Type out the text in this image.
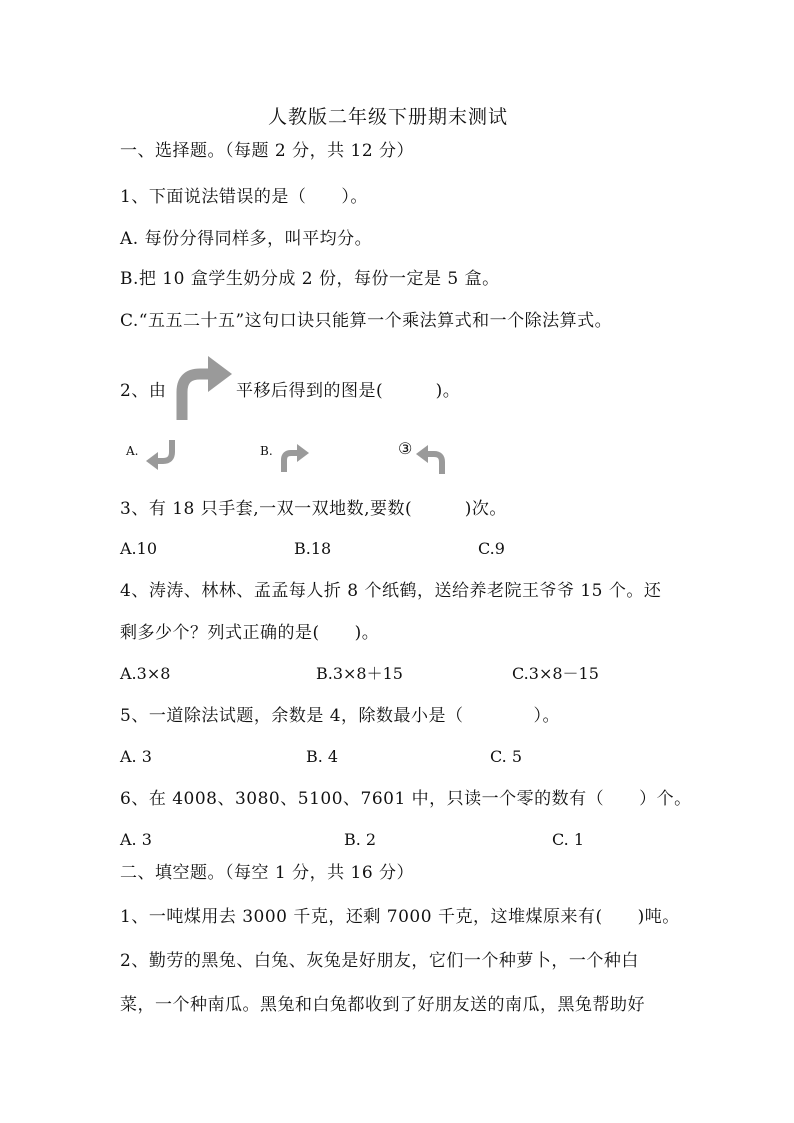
人教版二年级下册期末测试
一、选择题。（每题 2 分，共 12 分）
1、下面说法错误的是（　　）。
A. 每份分得同样多，叫平均分。
B.把 10 盒学生奶分成 2 份，每份一定是 5 盒。
C.“五五二十五”这句口诀只能算一个乘法算式和一个除法算式。
2、由	平移后得到的图是(　　　)。
A.	B.	③
3、有 18 只手套,一双一双地数,要数(　　　)次。
A.10	B.18	C.9
4、涛涛、林林、孟孟每人折 8 个纸鹤，送给养老院王爷爷 15 个。还
剩多少个？列式正确的是(　　)。
A.3×8	B.3×8＋15	C.3×8－15
5、一道除法试题，余数是 4，除数最小是（　　　　）。
A. 3	B. 4	C. 5
6、在 4008、3080、5100、7601 中，只读一个零的数有（　　）个。
A. 3	B. 2	C. 1
二、填空题。（每空 1 分，共 16 分）
1、一吨煤用去 3000 千克，还剩 7000 千克，这堆煤原来有(　　)吨。
2、勤劳的黑兔、白兔、灰兔是好朋友，它们一个种萝卜，一个种白
菜，一个种南瓜。黑兔和白兔都收到了好朋友送的南瓜，黑兔帮助好
